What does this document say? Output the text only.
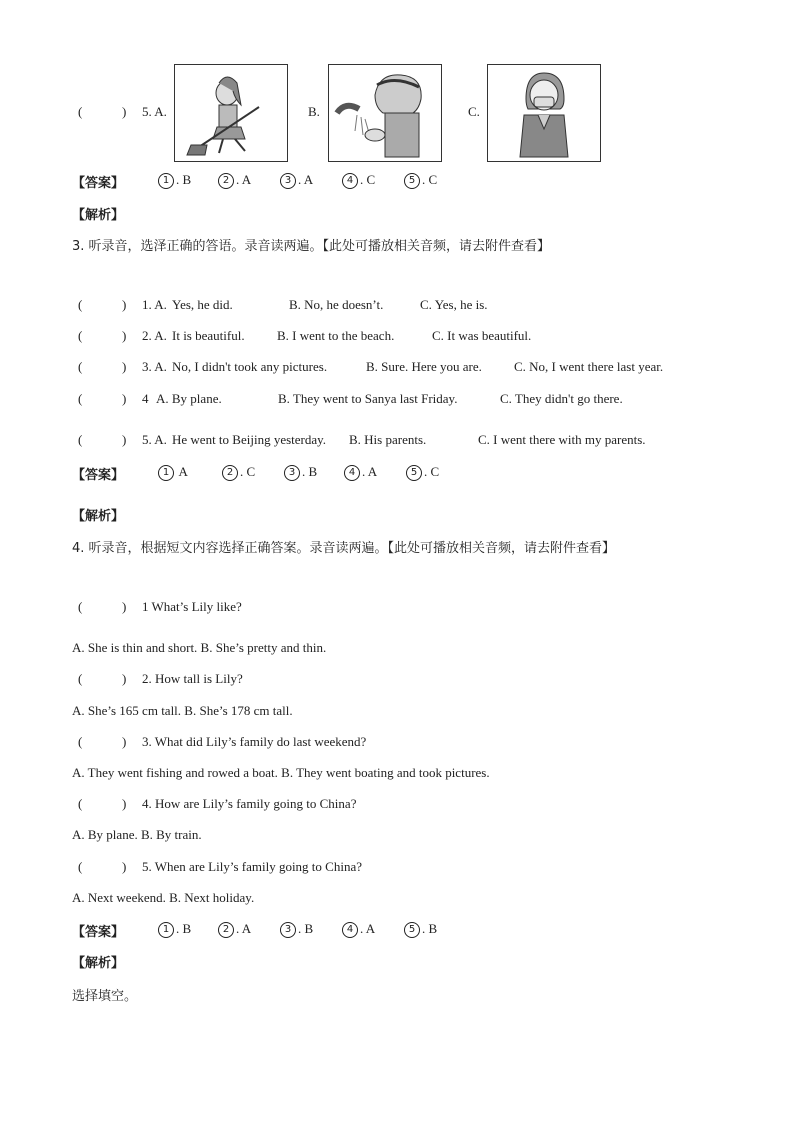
(	) 5. A.	B.	C.
【答案】	1 . B	2 . A	3 . A	4 . C	5 . C
【解析】
3. 听录音，选泽正确的答语。录音读两遍。【此处可播放相关音频，请去附件查看】
(	) 1. A. Yes, he did.	B. No, he doesn’t.	C. Yes, he is.
(	) 2. A. It is beautiful. B. I went to the beach.	C. It was beautiful.
(	) 3. A. No, I didn't took any pictures.	B. Sure. Here you are. C. No, I went there last year.
(	) 4 A. By plane.	B. They went to Sanya last Friday.	C. They didn't go there.
(	) 5. A. He went to Beijing yesterday. B. His parents.	C. I went there with my parents.
【答案】	1 A	2 . C	3 . B	4 . A	5 . C
【解析】
4. 听录音，根据短文内容选择正确答案。录音读两遍。【此处可播放相关音频，请去附件查看】
(	) 1 What’s Lily like?
A. She is thin and short. B. She’s pretty and thin.
(	) 2. How tall is Lily?
A. She’s 165 cm tall. B. She’s 178 cm tall.
(	) 3. What did Lily’s family do last weekend?
A. They went fishing and rowed a boat. B. They went boating and took pictures.
(	) 4. How are Lily’s family going to China?
A. By plane. B. By train.
(	) 5. When are Lily’s family going to China?
A. Next weekend. B. Next holiday.
【答案】	1 . B	2 . A	3 . B	4 . A	5 . B
【解析】
选择填空。
